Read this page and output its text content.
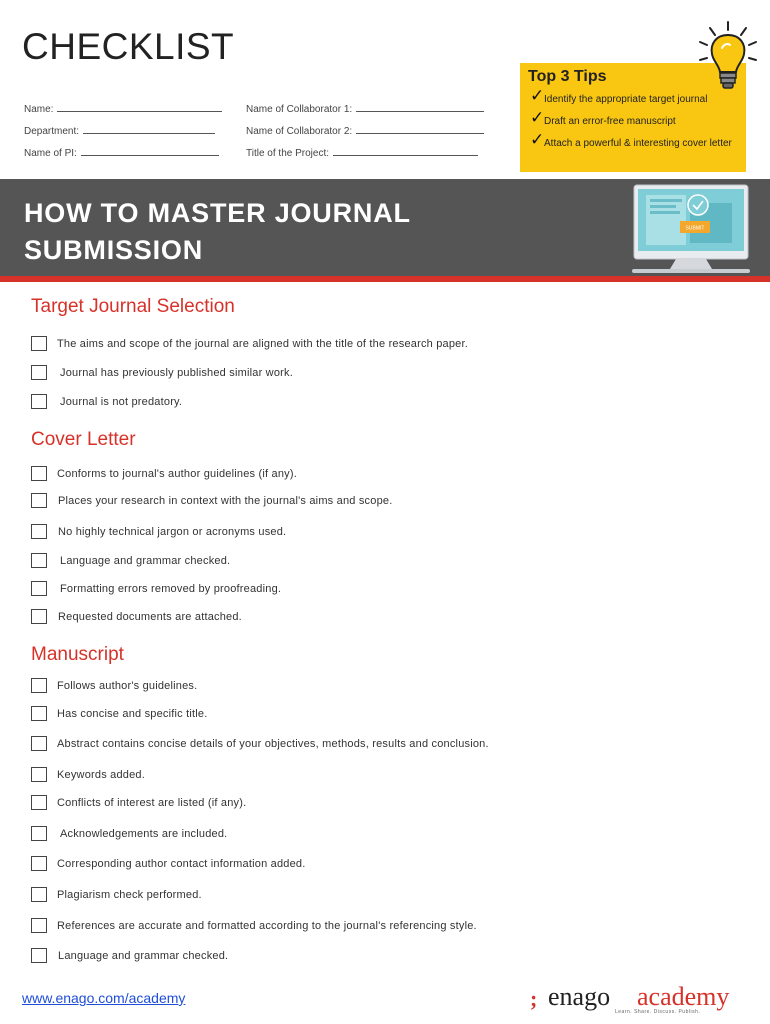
CHECKLIST
Name:
Department:
Name of PI:
Name of Collaborator 1:
Name of Collaborator 2:
Title of the Project:
Top 3 Tips
✓ Identify the appropriate target journal
✓ Draft an error-free manuscript
✓ Attach a powerful & interesting cover letter
HOW TO MASTER JOURNAL SUBMISSION
SUBMIT
Target Journal Selection
The aims and scope of the journal are aligned with the title of the research paper.
Journal has previously published similar work.
Journal is not predatory.
Cover Letter
Conforms to journal's author guidelines (if any).
Places your research in context with the journal's aims and scope.
No highly technical jargon or acronyms used.
Language and grammar checked.
Formatting errors removed by proofreading.
Requested documents are attached.
Manuscript
Follows author's guidelines.
Has concise and specific title.
Abstract contains concise details of your objectives, methods, results and conclusion.
Keywords added.
Conflicts of interest are listed (if any).
Acknowledgements are included.
Corresponding author contact information added.
Plagiarism check performed.
References are accurate and formatted according to the journal's referencing style.
Language and grammar checked.
www.enago.com/academy	; enago academy
Learn. Share. Discuss. Publish.
